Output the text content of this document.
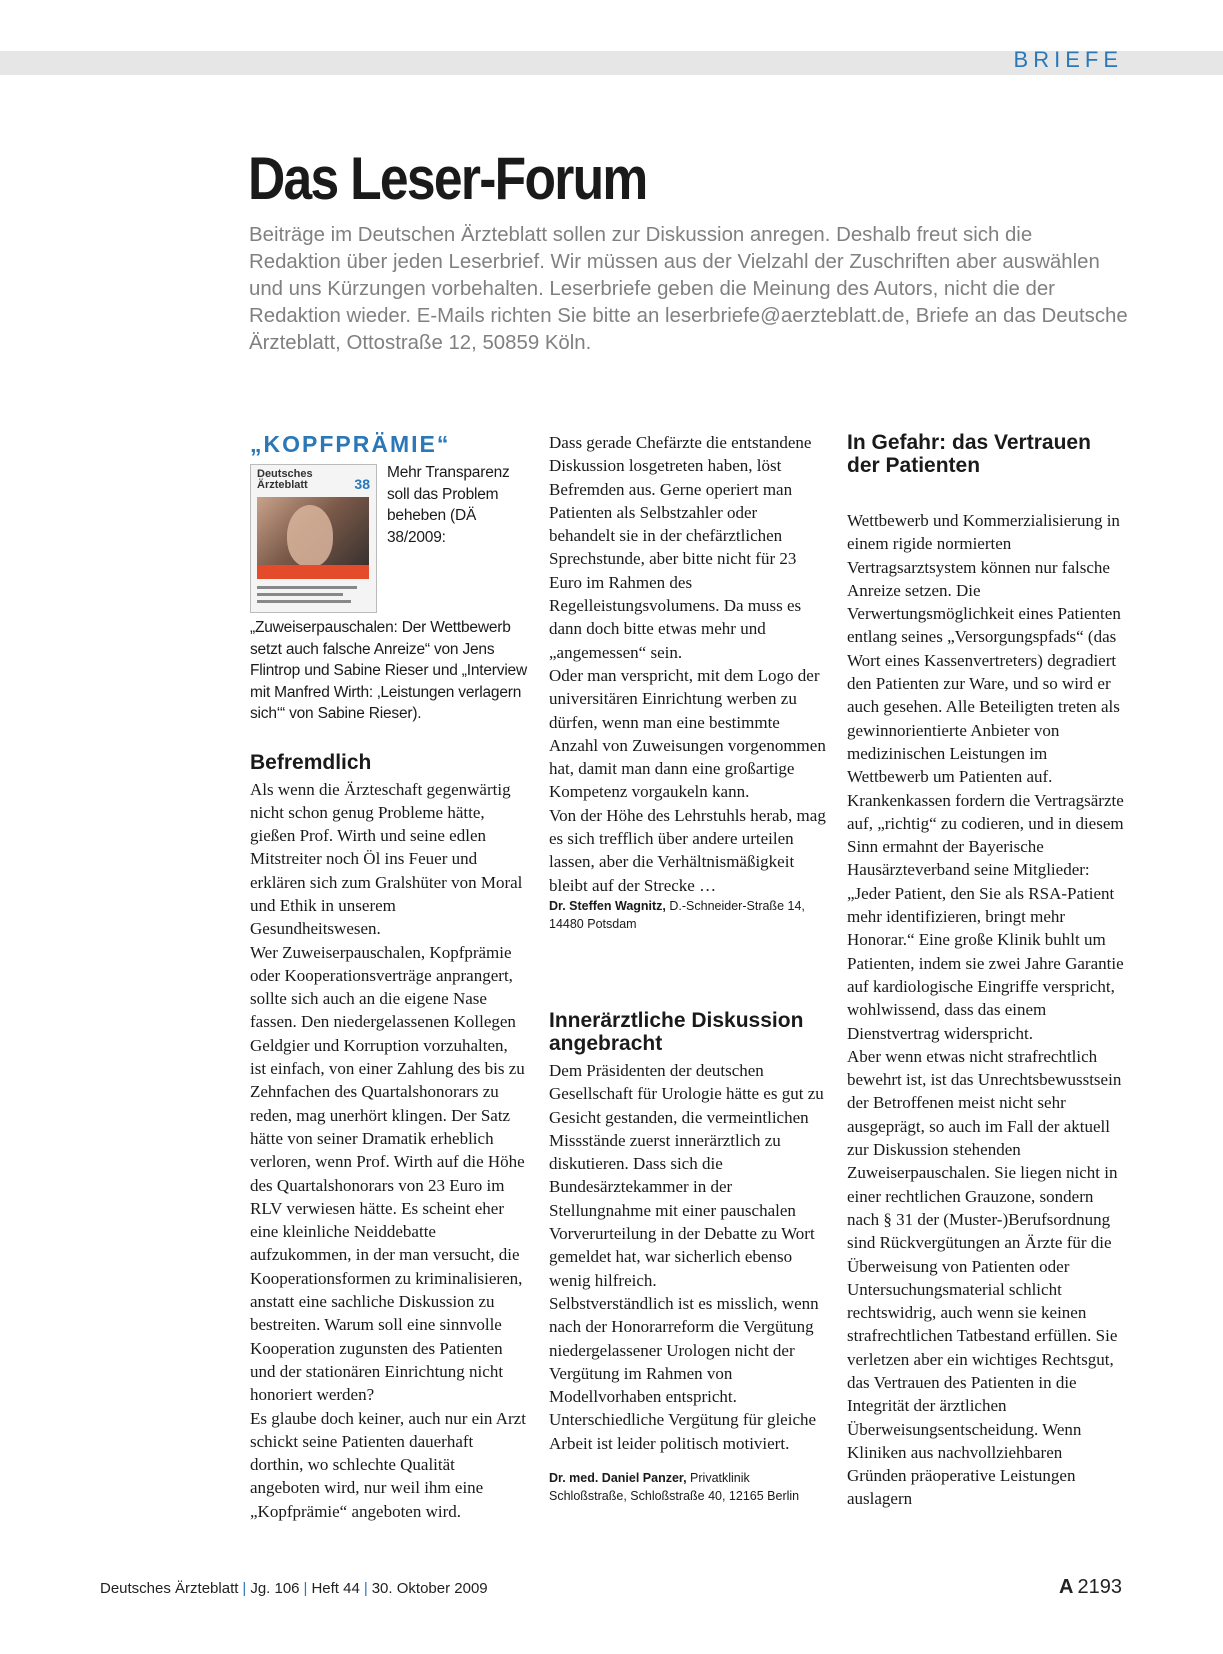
BRIEFE
Das Leser-Forum

Beiträge im Deutschen Ärzteblatt sollen zur Diskussion anregen. Deshalb freut sich die Redaktion über jeden Leserbrief. Wir müssen aus der Vielzahl der Zuschriften aber auswählen und uns Kürzungen vorbehalten. Leserbriefe geben die Meinung des Autors, nicht die der Redaktion wieder. E-Mails richten Sie bitte an leserbriefe@aerzteblatt.de, Briefe an das Deutsche Ärzteblatt, Ottostraße 12, 50859 Köln.

„KOPFPRÄMIE“
Deutsches Ärzteblatt	38

Mehr Transparenz soll das Problem beheben (DÄ 38/2009: „Zuweiserpauschalen: Der Wettbewerb setzt auch falsche Anreize“ von Jens Flintrop und Sabine Rieser und „Interview mit Manfred Wirth: ‚Leistungen verlagern sich‘“ von Sabine Rieser).

Befremdlich

Als wenn die Ärzteschaft gegenwärtig nicht schon genug Probleme hätte, gießen Prof. Wirth und seine edlen Mitstreiter noch Öl ins Feuer und erklären sich zum Gralshüter von Moral und Ethik in unserem Gesundheitswesen.

Wer Zuweiserpauschalen, Kopfprämie oder Kooperationsverträge anprangert, sollte sich auch an die eigene Nase fassen. Den niedergelassenen Kollegen Geldgier und Korruption vorzuhalten, ist einfach, von einer Zahlung des bis zu Zehnfachen des Quartalshonorars zu reden, mag unerhört klingen. Der Satz hätte von seiner Dramatik erheblich verloren, wenn Prof. Wirth auf die Höhe des Quartalshonorars von 23 Euro im RLV verwiesen hätte. Es scheint eher eine kleinliche Neiddebatte aufzukommen, in der man versucht, die Kooperationsformen zu kriminalisieren, anstatt eine sachliche Diskussion zu bestreiten. Warum soll eine sinnvolle Kooperation zugunsten des Patienten und der stationären Einrichtung nicht honoriert werden?

Es glaube doch keiner, auch nur ein Arzt schickt seine Patienten dauerhaft dorthin, wo schlechte Qualität angeboten wird, nur weil ihm eine „Kopfprämie“ angeboten wird.

Dass gerade Chefärzte die entstandene Diskussion losgetreten haben, löst Befremden aus. Gerne operiert man Patienten als Selbstzahler oder behandelt sie in der chefärztlichen Sprechstunde, aber bitte nicht für 23 Euro im Rahmen des Regelleistungsvolumens. Da muss es dann doch bitte etwas mehr und „angemessen“ sein.

Oder man verspricht, mit dem Logo der universitären Einrichtung werben zu dürfen, wenn man eine bestimmte Anzahl von Zuweisungen vorgenommen hat, damit man dann eine großartige Kompetenz vorgaukeln kann.

Von der Höhe des Lehrstuhls herab, mag es sich trefflich über andere urteilen lassen, aber die Verhältnismäßigkeit bleibt auf der Strecke …

Dr. Steffen Wagnitz, D.-Schneider-Straße 14, 14480 Potsdam

Innerärztliche Diskussion angebracht

Dem Präsidenten der deutschen Gesellschaft für Urologie hätte es gut zu Gesicht gestanden, die vermeintlichen Missstände zuerst innerärztlich zu diskutieren. Dass sich die Bundesärztekammer in der Stellungnahme mit einer pauschalen Vorverurteilung in der Debatte zu Wort gemeldet hat, war sicherlich ebenso wenig hilfreich.

Selbstverständlich ist es misslich, wenn nach der Honorarreform die Vergütung niedergelassener Urologen nicht der Vergütung im Rahmen von Modellvorhaben entspricht. Unterschiedliche Vergütung für gleiche Arbeit ist leider politisch motiviert.

Dr. med. Daniel Panzer, Privatklinik Schloßstraße, Schloßstraße 40, 12165 Berlin

In Gefahr: das Vertrauen der Patienten

Wettbewerb und Kommerzialisierung in einem rigide normierten Vertragsarztsystem können nur falsche Anreize setzen. Die Verwertungsmöglichkeit eines Patienten entlang seines „Versorgungspfads“ (das Wort eines Kassenvertreters) degradiert den Patienten zur Ware, und so wird er auch gesehen. Alle Beteiligten treten als gewinnorientierte Anbieter von medizinischen Leistungen im Wettbewerb um Patienten auf. Krankenkassen fordern die Vertragsärzte auf, „richtig“ zu codieren, und in diesem Sinn ermahnt der Bayerische Hausärzteverband seine Mitglieder: „Jeder Patient, den Sie als RSA-Patient mehr identifizieren, bringt mehr Honorar.“ Eine große Klinik buhlt um Patienten, indem sie zwei Jahre Garantie auf kardiologische Eingriffe verspricht, wohlwissend, dass das einem Dienstvertrag widerspricht.

Aber wenn etwas nicht strafrechtlich bewehrt ist, ist das Unrechtsbewusstsein der Betroffenen meist nicht sehr ausgeprägt, so auch im Fall der aktuell zur Diskussion stehenden Zuweiserpauschalen. Sie liegen nicht in einer rechtlichen Grauzone, sondern nach § 31 der (Muster-)Berufsordnung sind Rückvergütungen an Ärzte für die Überweisung von Patienten oder Untersuchungsmaterial schlicht rechtswidrig, auch wenn sie keinen strafrechtlichen Tatbestand erfüllen. Sie verletzen aber ein wichtiges Rechtsgut, das Vertrauen des Patienten in die Integrität der ärztlichen Überweisungsentscheidung. Wenn Kliniken aus nachvollziehbaren Gründen präoperative Leistungen auslagern

Deutsches Ärzteblatt | Jg. 106 | Heft 44 | 30. Oktober 2009	A 2193
